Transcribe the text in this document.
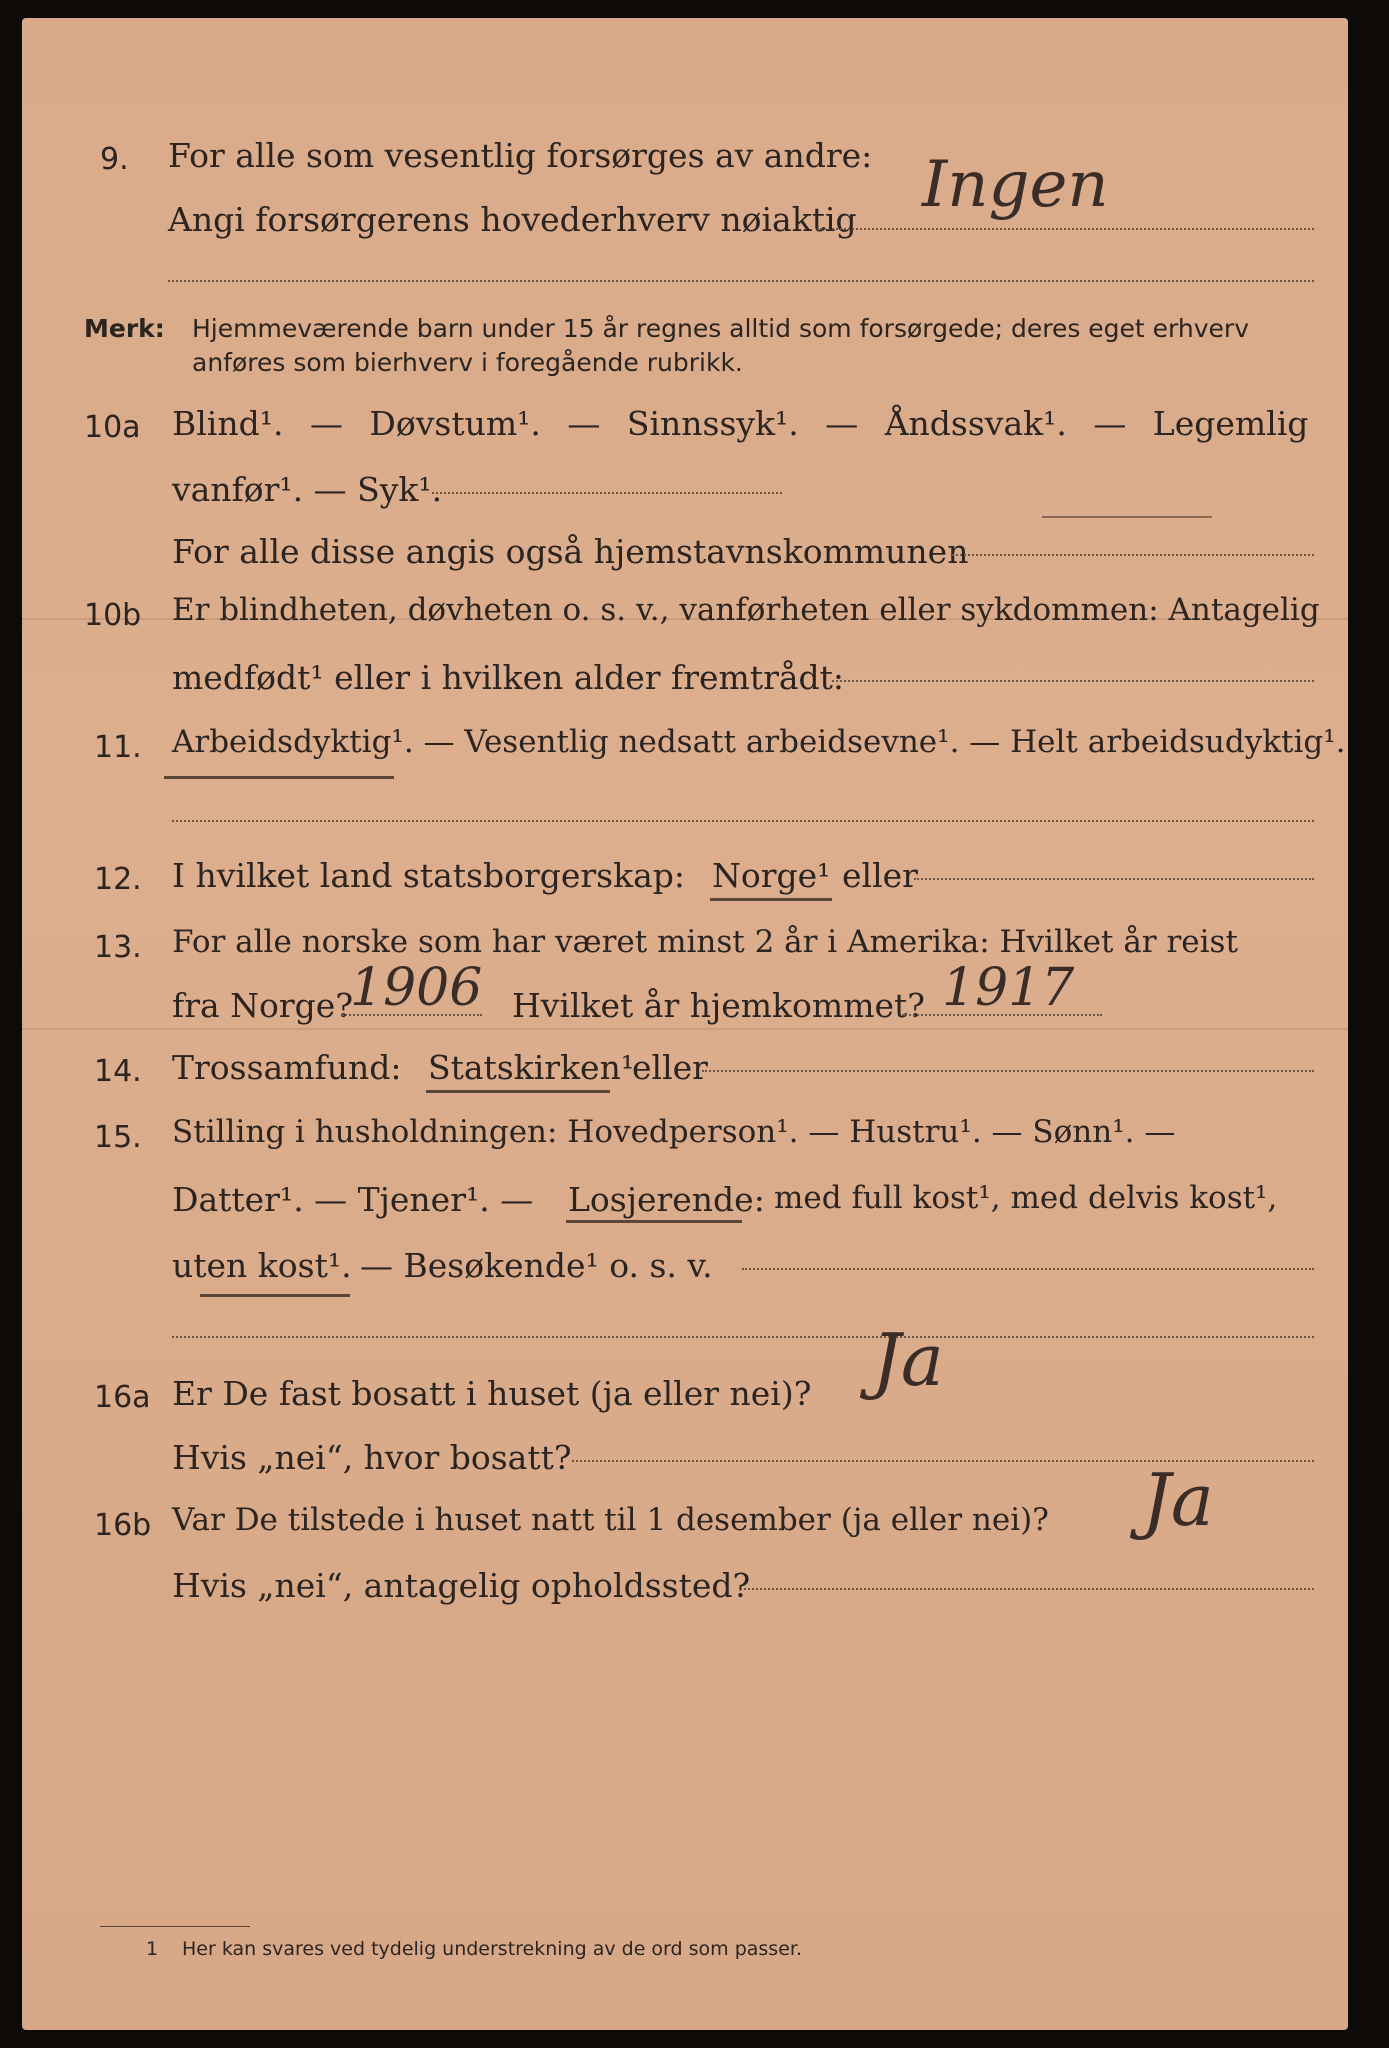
9. For alle som vesentlig forsørges av andre:
Angi forsørgerens hovederhverv nøiaktig Ingen
Merk: Hjemmeværende barn under 15 år regnes alltid som forsørgede; deres eget erhverv
anføres som bierhverv i foregående rubrikk.
10a Blind¹. — Døvstum¹. — Sinnssyk¹. — Åndssvak¹. — Legemlig
vanfør¹. — Syk¹.
For alle disse angis også hjemstavnskommunen
10b Er blindheten, døvheten o. s. v., vanførheten eller sykdommen: Antagelig
medfødt¹ eller i hvilken alder fremtrådt:
11. Arbeidsdyktig¹. — Vesentlig nedsatt arbeidsevne¹. — Helt arbeidsudyktig¹.
12. I hvilket land statsborgerskap: Norge¹ eller
13. For alle norske som har været minst 2 år i Amerika: Hvilket år reist
fra Norge?	Hvilket år hjemkommet?
1906	1917
14. Trossamfund: Statskirken¹
eller
15. Stilling i husholdningen: Hovedperson¹. — Hustru¹. — Sønn¹. —
Datter¹. — Tjener¹. — Losjerende: med full kost¹, med delvis kost¹,
uten kost¹. — Besøkende¹ o. s. v.
16a Er De fast bosatt i huset (ja eller nei)? Ja
Hvis „nei“, hvor bosatt?
16b Var De tilstede i huset natt til 1 desember (ja eller nei)? Ja
Hvis „nei“, antagelig opholdssted?
1 Her kan svares ved tydelig understrekning av de ord som passer.
